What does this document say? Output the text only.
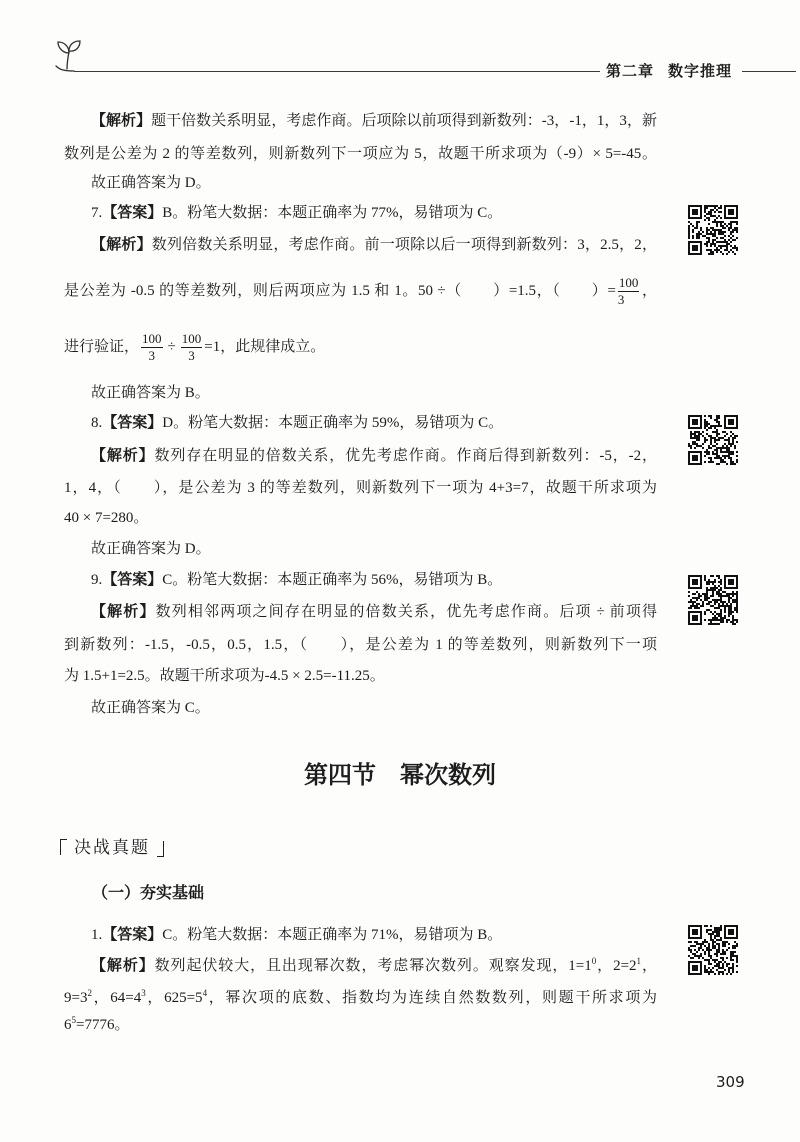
第二章 数字推理
【解析】题干倍数关系明显，考虑作商。后项除以前项得到新数列：-3，-1，1，3，新
数列是公差为 2 的等差数列，则新数列下一项应为 5，故题干所求项为（-9）× 5=-45。
故正确答案为 D。
7.【答案】B。粉笔大数据：本题正确率为 77%，易错项为 C。
【解析】数列倍数关系明显，考虑作商。前一项除以后一项得到新数列：3，2.5，2，
是公差为 -0.5 的等差数列，则后两项应为 1.5 和 1。50 ÷（　　）=1.5，（　　）= $\frac{100}{3}$ ，
进行验证， $\frac{100}{3} \div \frac{100}{3} =1$，此规律成立。
故正确答案为 B。
8.【答案】D。粉笔大数据：本题正确率为 59%，易错项为 C。
【解析】数列存在明显的倍数关系，优先考虑作商。作商后得到新数列：-5，-2，
1，4，（　　），是公差为 3 的等差数列，则新数列下一项为 4+3=7，故题干所求项为
40 × 7=280。
故正确答案为 D。
9.【答案】C。粉笔大数据：本题正确率为 56%，易错项为 B。
【解析】数列相邻两项之间存在明显的倍数关系，优先考虑作商。后项 ÷ 前项得
到新数列：-1.5，-0.5，0.5，1.5，（　　），是公差为 1 的等差数列，则新数列下一项
为 1.5+1=2.5。故题干所求项为-4.5 × 2.5=-11.25。
故正确答案为 C。
第四节 幂次数列
决战真题
（一）夯实基础
1.【答案】C。粉笔大数据：本题正确率为 71%，易错项为 B。
【解析】数列起伏较大，且出现幂次数，考虑幂次数列。观察发现，$1=1^0$，$2=2^1$，
$9=3^2$，$64=4^3$，$625=5^4$，幂次项的底数、指数均为连续自然数数列，则题干所求项为
$6^5=7776$。
309
